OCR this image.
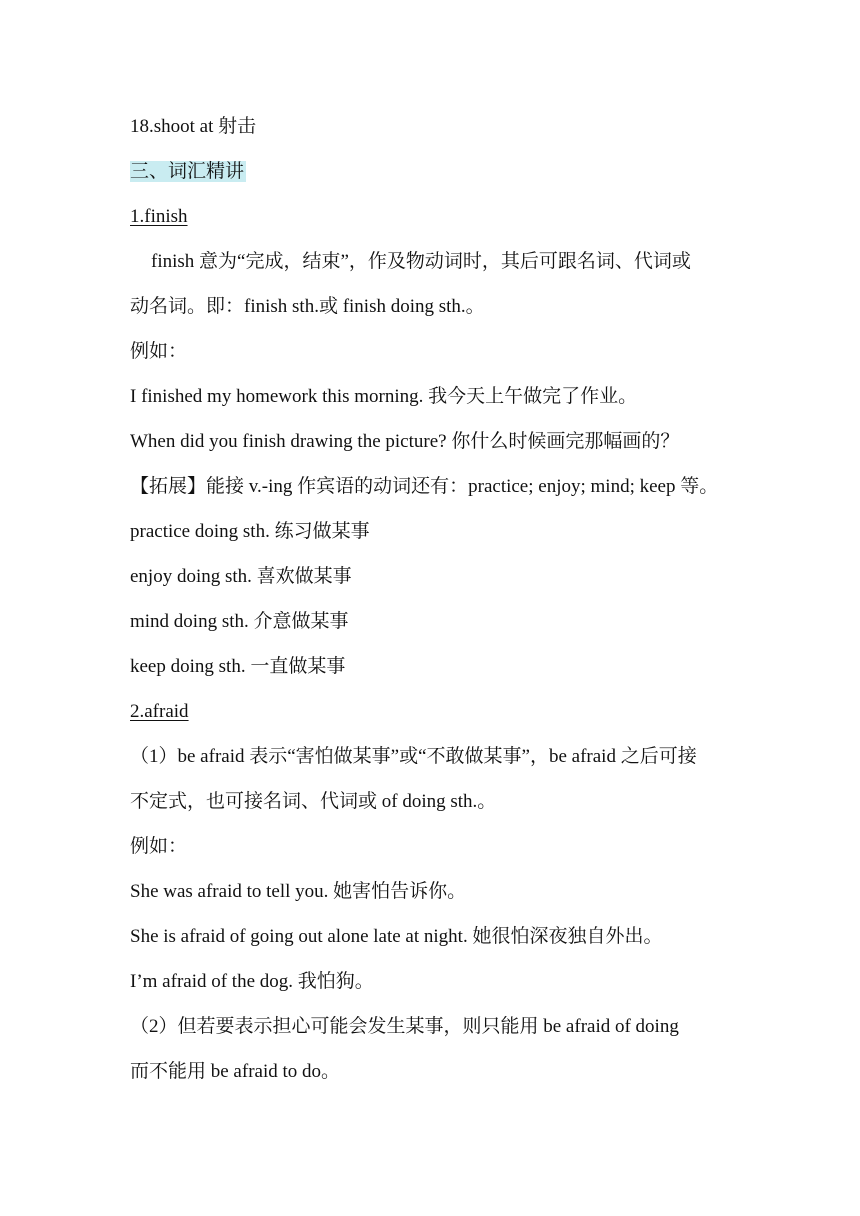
18.shoot at 射击
三、词汇精讲
1.finish
finish 意为“完成，结束”，作及物动词时，其后可跟名词、代词或
动名词。即：finish sth.或 finish doing sth.。
例如：
I finished my homework this morning. 我今天上午做完了作业。
When did you finish drawing the picture? 你什么时候画完那幅画的？
【拓展】能接 v.-ing 作宾语的动词还有：practice; enjoy; mind; keep 等。
practice doing sth. 练习做某事
enjoy doing sth. 喜欢做某事
mind doing sth. 介意做某事
keep doing sth. 一直做某事
2.afraid
（1）be afraid 表示“害怕做某事”或“不敢做某事”，be afraid 之后可接
不定式，也可接名词、代词或 of doing sth.。
例如：
She was afraid to tell you. 她害怕告诉你。
She is afraid of going out alone late at night. 她很怕深夜独自外出。
I’m afraid of the dog. 我怕狗。
（2）但若要表示担心可能会发生某事，则只能用 be afraid of doing
而不能用 be afraid to do。
